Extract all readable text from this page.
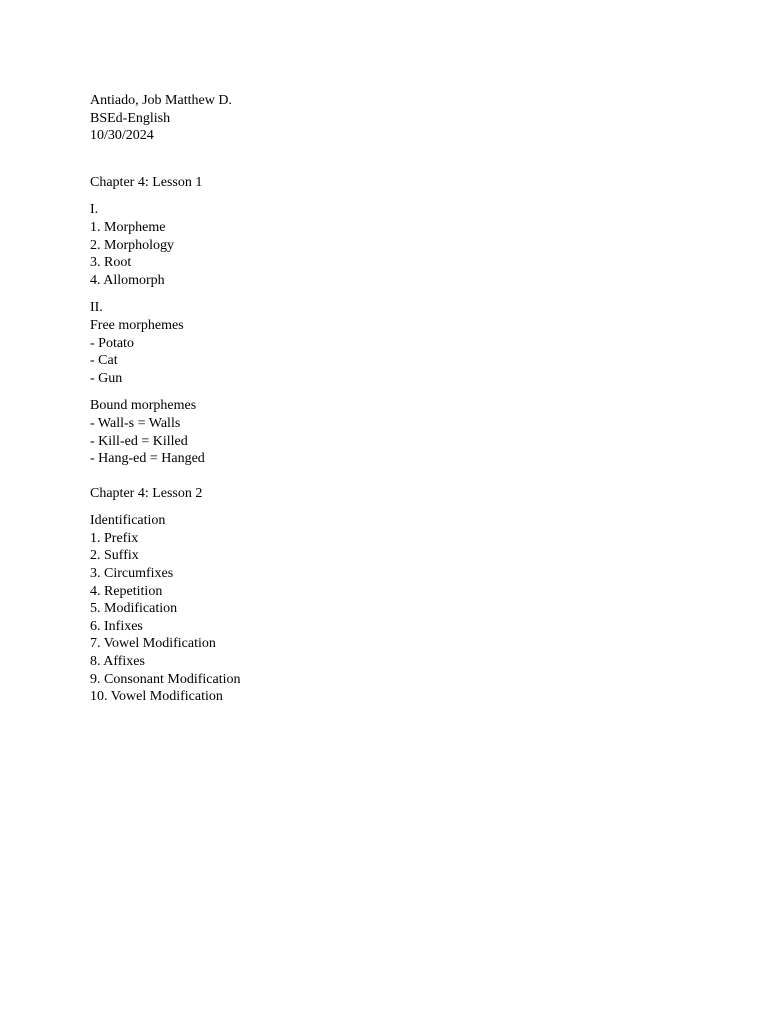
Antiado, Job Matthew D.
BSEd-English
10/30/2024
Chapter 4: Lesson 1
I.
1. Morpheme
2. Morphology
3. Root
4. Allomorph
II.
Free morphemes
- Potato
- Cat
- Gun
Bound morphemes
- Wall-s = Walls
- Kill-ed = Killed
- Hang-ed = Hanged
Chapter 4: Lesson 2
Identification
1. Prefix
2. Suffix
3. Circumfixes
4. Repetition
5. Modification
6. Infixes
7. Vowel Modification
8. Affixes
9. Consonant Modification
10. Vowel Modification
